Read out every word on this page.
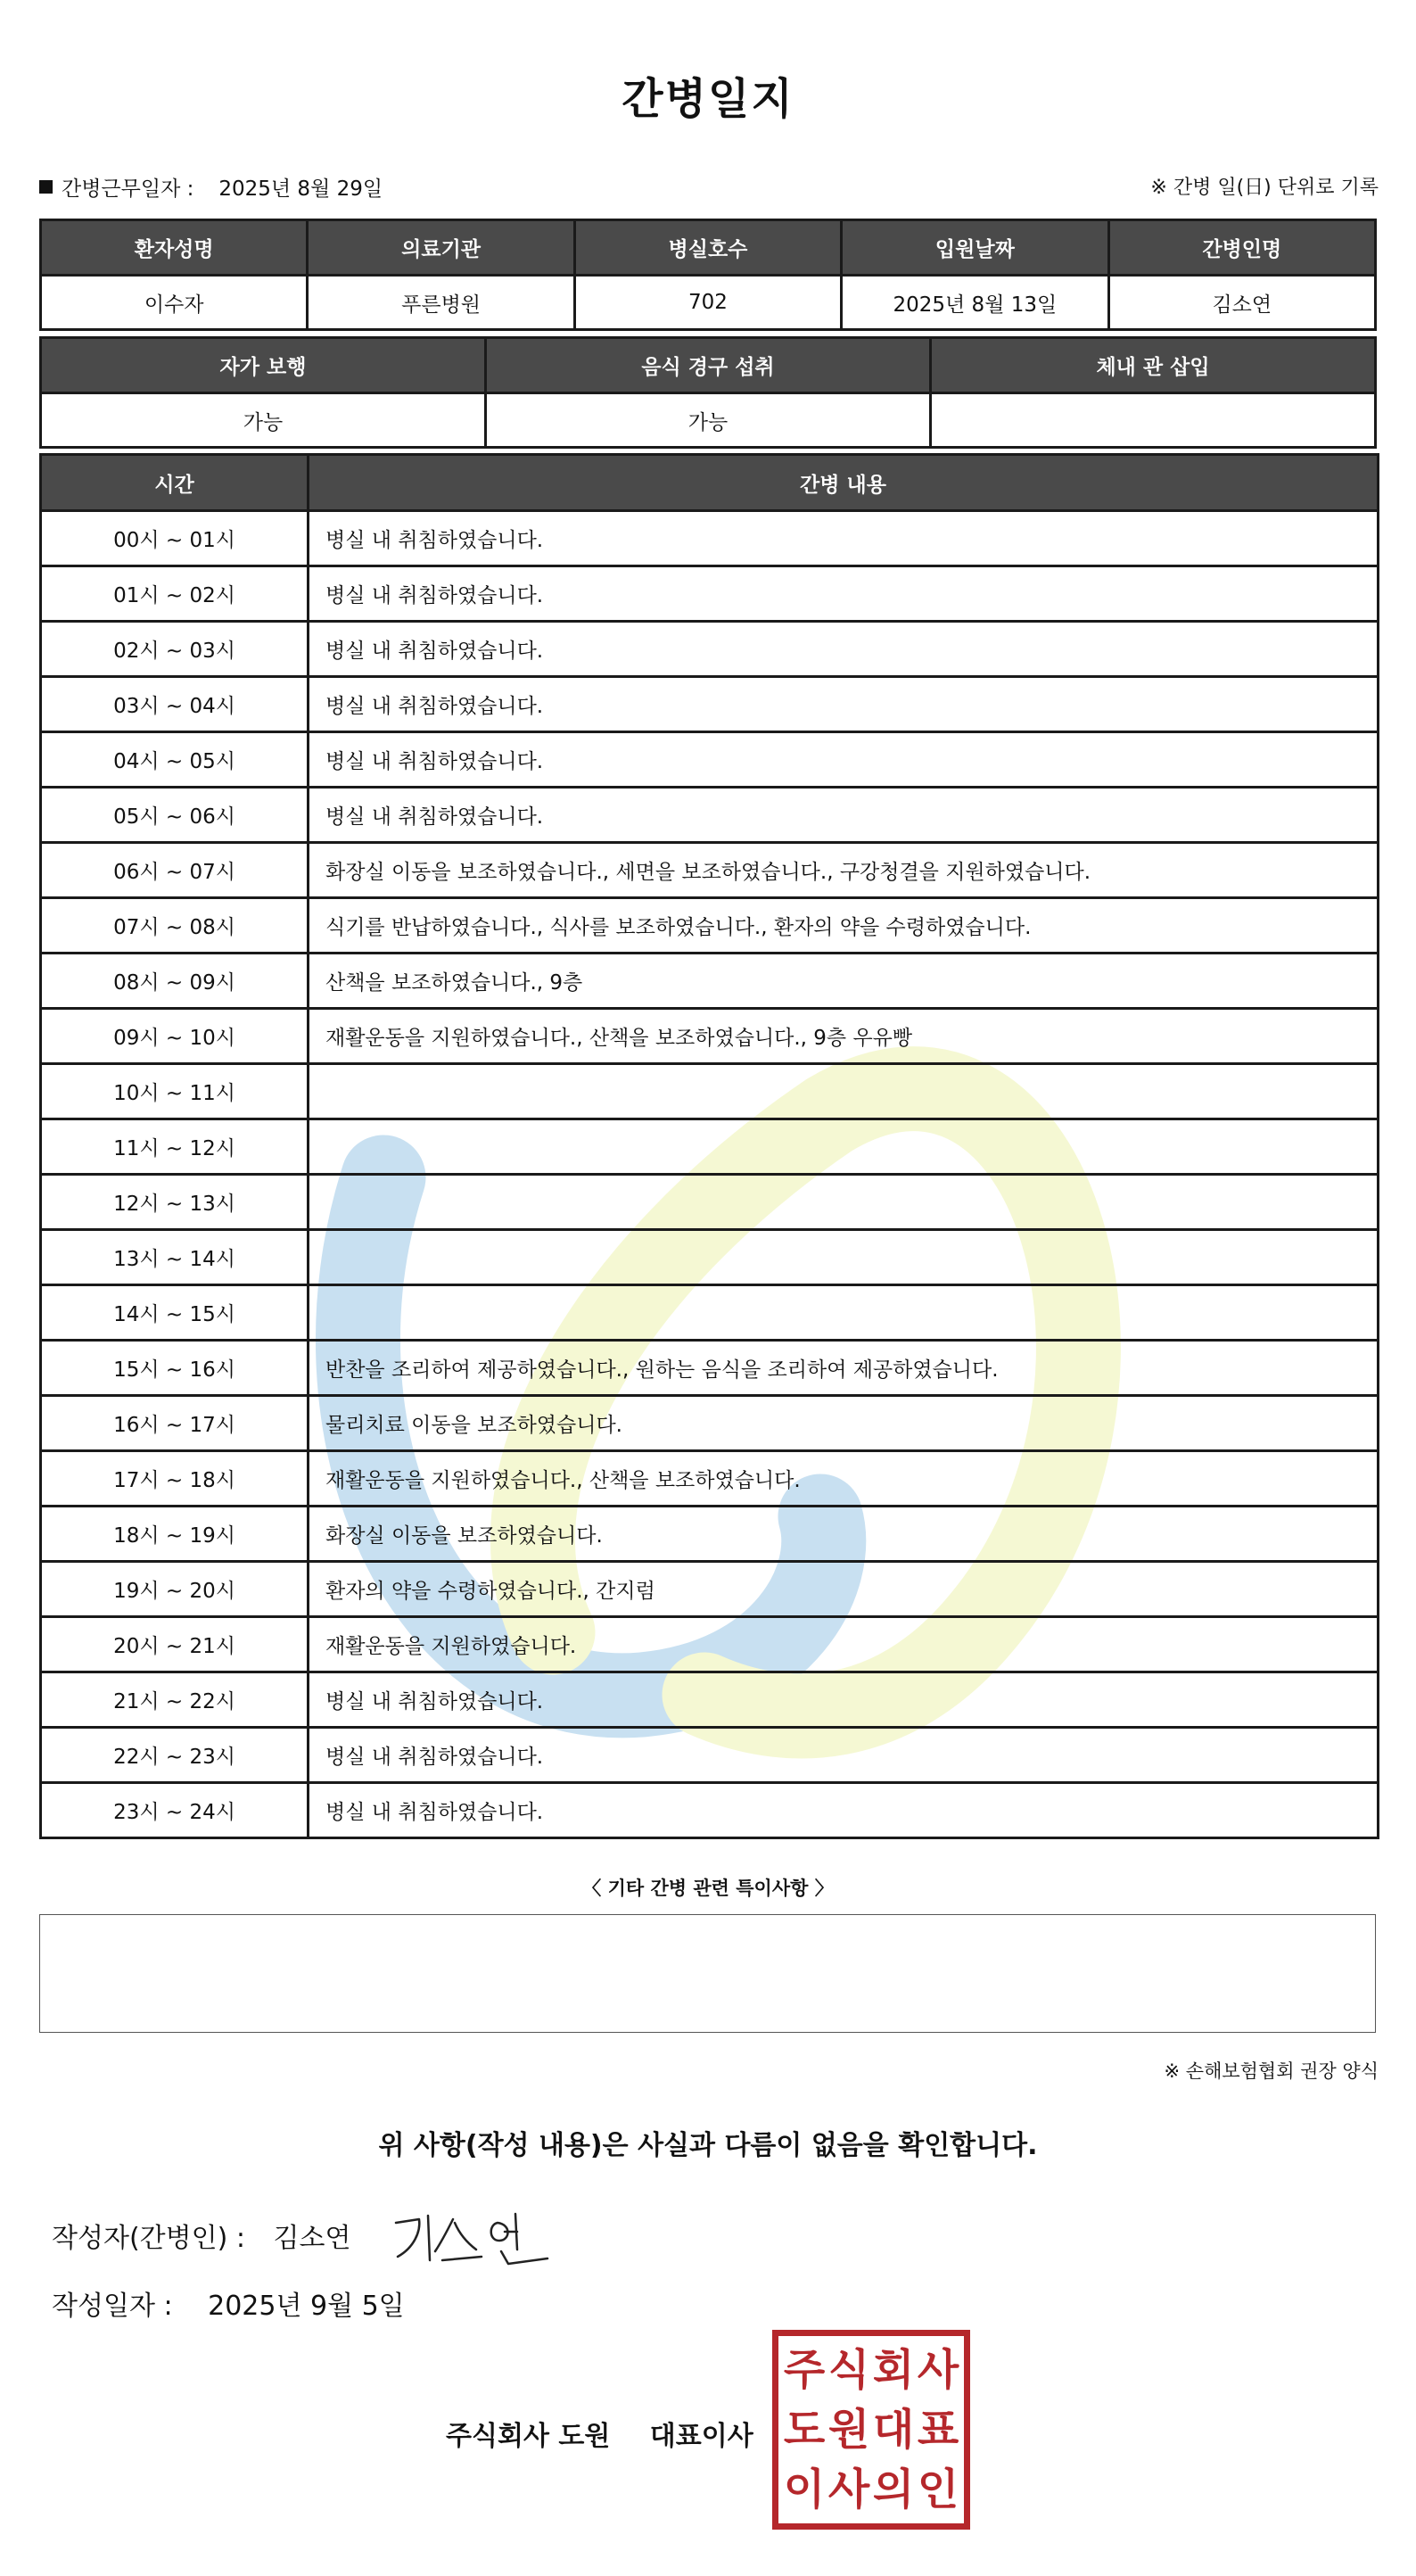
간병일지
간병근무일자 : 2025년 8월 29일	※ 간병 일(日) 단위로 기록
환자성명	의료기관	병실호수	입원날짜	간병인명
이수자	푸른병원	702	2025년 8월 13일	김소연
자가 보행	음식 경구 섭취	체내 관 삽입
가능	가능	
시간	간병 내용
00시 ~ 01시	병실 내 취침하였습니다.
01시 ~ 02시	병실 내 취침하였습니다.
02시 ~ 03시	병실 내 취침하였습니다.
03시 ~ 04시	병실 내 취침하였습니다.
04시 ~ 05시	병실 내 취침하였습니다.
05시 ~ 06시	병실 내 취침하였습니다.
06시 ~ 07시	화장실 이동을 보조하였습니다., 세면을 보조하였습니다., 구강청결을 지원하였습니다.
07시 ~ 08시	식기를 반납하였습니다., 식사를 보조하였습니다., 환자의 약을 수령하였습니다.
08시 ~ 09시	산책을 보조하였습니다., 9층
09시 ~ 10시	재활운동을 지원하였습니다., 산책을 보조하였습니다., 9층 우유빵
10시 ~ 11시	
11시 ~ 12시	
12시 ~ 13시	
13시 ~ 14시	
14시 ~ 15시	
15시 ~ 16시	반찬을 조리하여 제공하였습니다., 원하는 음식을 조리하여 제공하였습니다.
16시 ~ 17시	물리치료 이동을 보조하였습니다.
17시 ~ 18시	재활운동을 지원하였습니다., 산책을 보조하였습니다.
18시 ~ 19시	화장실 이동을 보조하였습니다.
19시 ~ 20시	환자의 약을 수령하였습니다., 간지럼
20시 ~ 21시	재활운동을 지원하였습니다.
21시 ~ 22시	병실 내 취침하였습니다.
22시 ~ 23시	병실 내 취침하였습니다.
23시 ~ 24시	병실 내 취침하였습니다.
〈 기타 간병 관련 특이사항 〉
※ 손해보험협회 권장 양식
위 사항(작성 내용)은 사실과 다름이 없음을 확인합니다.
작성자(간병인) : 김소연
작성일자 : 2025년 9월 5일
주식회사 도원 대표이사
주 식 회 사
도 원 대 표
이 사 의 인
